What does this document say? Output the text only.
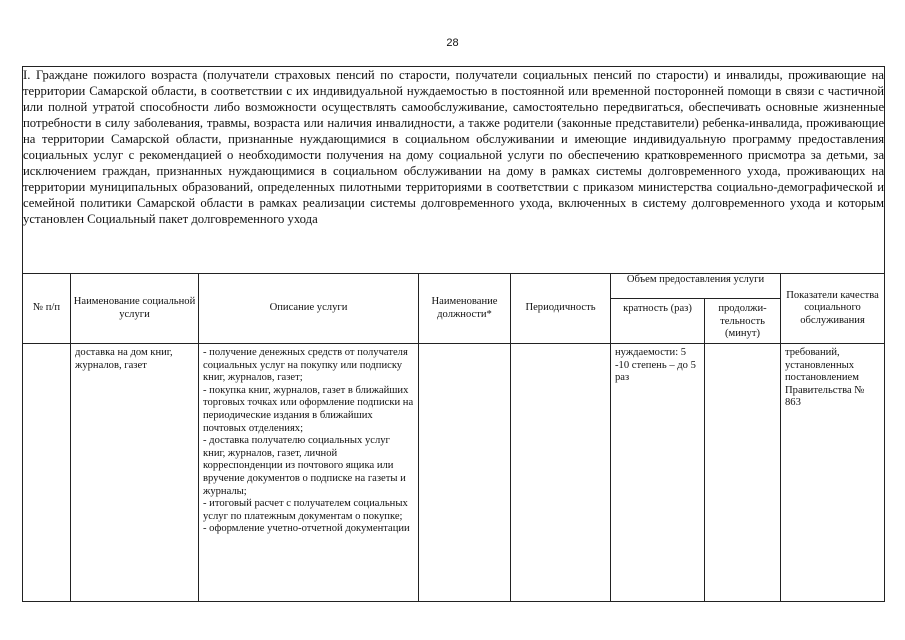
28
I. Граждане пожилого возраста (получатели страховых пенсий по старости, получатели социальных пенсий по старости) и инвалиды, проживающие на территории Самарской области, в соответствии с их индивидуальной нуждаемостью в постоянной или временной посторонней помощи в связи с частичной или полной утратой способности либо возможности осуществлять самообслуживание, самостоятельно передвигаться, обеспечивать основные жизненные потребности в силу заболевания, травмы, возраста или наличия инвалидности, а также родители (законные представители) ребенка-инвалида, проживающие на территории Самарской области, признанные нуждающимися в социальном обслуживании и имеющие индивидуальную программу предоставления социальных услуг с рекомендацией о необходимости получения на дому социальной услуги по обеспечению кратковременного присмотра за детьми, за исключением граждан, признанных нуждающимися в социальном обслуживании на дому в рамках системы долговременного ухода, проживающих на территории муниципальных образований, определенных пилотными территориями в соответствии с приказом министерства социально-демографической и семейной политики Самарской области в рамках реализации системы долговременного ухода, включенных в систему долговременного ухода и которым установлен Социальный пакет долговременного ухода							
№ п/п	Наименование социальной услуги	Описание услуги	Наименование должности*	Периодичность	Объем предоставления услуги		Показатели качества социального обслуживания
					кратность (раз)	продолжи-тельность (минут)	
	доставка на дом книг, журналов, газет	- получение денежных средств от получателя социальных услуг на покупку или подписку книг, журналов, газет;
- покупка книг, журналов, газет в ближайших торговых точках или оформление подписки на периодические издания в ближайших почтовых отделениях;
- доставка получателю социальных услуг книг, журналов, газет, личной корреспонденции из почтового ящика или вручение документов о подписке на газеты и журналы;
- итоговый расчет с получателем социальных услуг по платежным документам о покупке;
- оформление учетно-отчетной документации			нуждаемости: 5 -10 степень – до 5 раз		требований, установленных постановлением Правительства № 863
